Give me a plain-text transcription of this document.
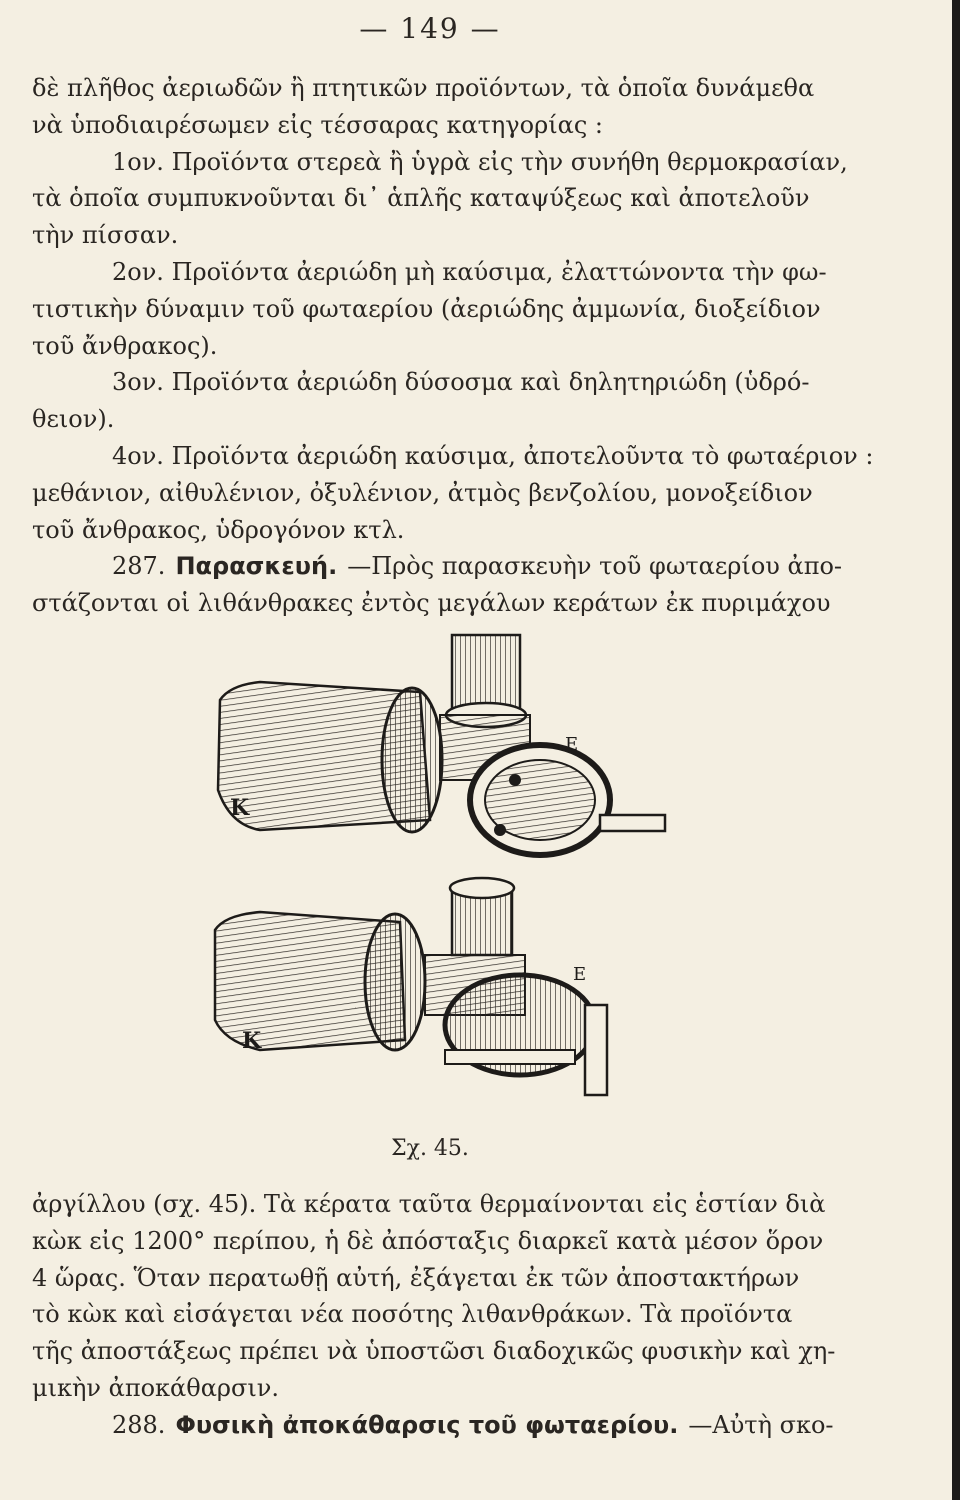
— 149 —
δὲ πλῆθος ἀεριωδῶν ἢ πτητικῶν προϊόντων, τὰ ὁποῖα δυνάμεθα
νὰ ὑποδιαιρέσωμεν εἰς τέσσαρας κατηγορίας :
1ον. Προϊόντα στερεὰ ἢ ὑγρὰ εἰς τὴν συνήθη θερμοκρασίαν,
τὰ ὁποῖα συμπυκνοῦνται δι᾽ ἁπλῆς καταψύξεως καὶ ἀποτελοῦν
τὴν πίσσαν.
2ον. Προϊόντα ἀεριώδη μὴ καύσιμα, ἐλαττώνοντα τὴν φω-
τιστικὴν δύναμιν τοῦ φωταερίου (ἀεριώδης ἀμμωνία, διοξείδιον
τοῦ ἄνθρακος).
3ον. Προϊόντα ἀεριώδη δύσοσμα καὶ δηλητηριώδη (ὑδρό-
θειον).
4ον. Προϊόντα ἀεριώδη καύσιμα, ἀποτελοῦντα τὸ φωταέριον :
μεθάνιον, αἰθυλένιον, ὀξυλένιον, ἀτμὸς βενζολίου, μονοξείδιον
τοῦ ἄνθρακος, ὑδρογόνον κτλ.
287. Παρασκευή. —Πρὸς παρασκευὴν τοῦ φωταερίου ἀπο-
στάζονται οἱ λιθάνθρακες ἐντὸς μεγάλων κεράτων ἐκ πυριμάχου
K
E
K
E
Σχ. 45.
ἀργίλλου (σχ. 45). Τὰ κέρατα ταῦτα θερμαίνονται εἰς ἑστίαν διὰ
κὼκ εἰς 1200° περίπου, ἡ δὲ ἀπόσταξις διαρκεῖ κατὰ μέσον ὅρον
4 ὥρας. Ὅταν περατωθῇ αὐτή, ἐξάγεται ἐκ τῶν ἀποστακτήρων
τὸ κὼκ καὶ εἰσάγεται νέα ποσότης λιθανθράκων. Τὰ προϊόντα
τῆς ἀποστάξεως πρέπει νὰ ὑποστῶσι διαδοχικῶς φυσικὴν καὶ χη-
μικὴν ἀποκάθαρσιν.
288. Φυσικὴ ἀποκάθαρσις τοῦ φωταερίου. —Αὐτὴ σκο-
